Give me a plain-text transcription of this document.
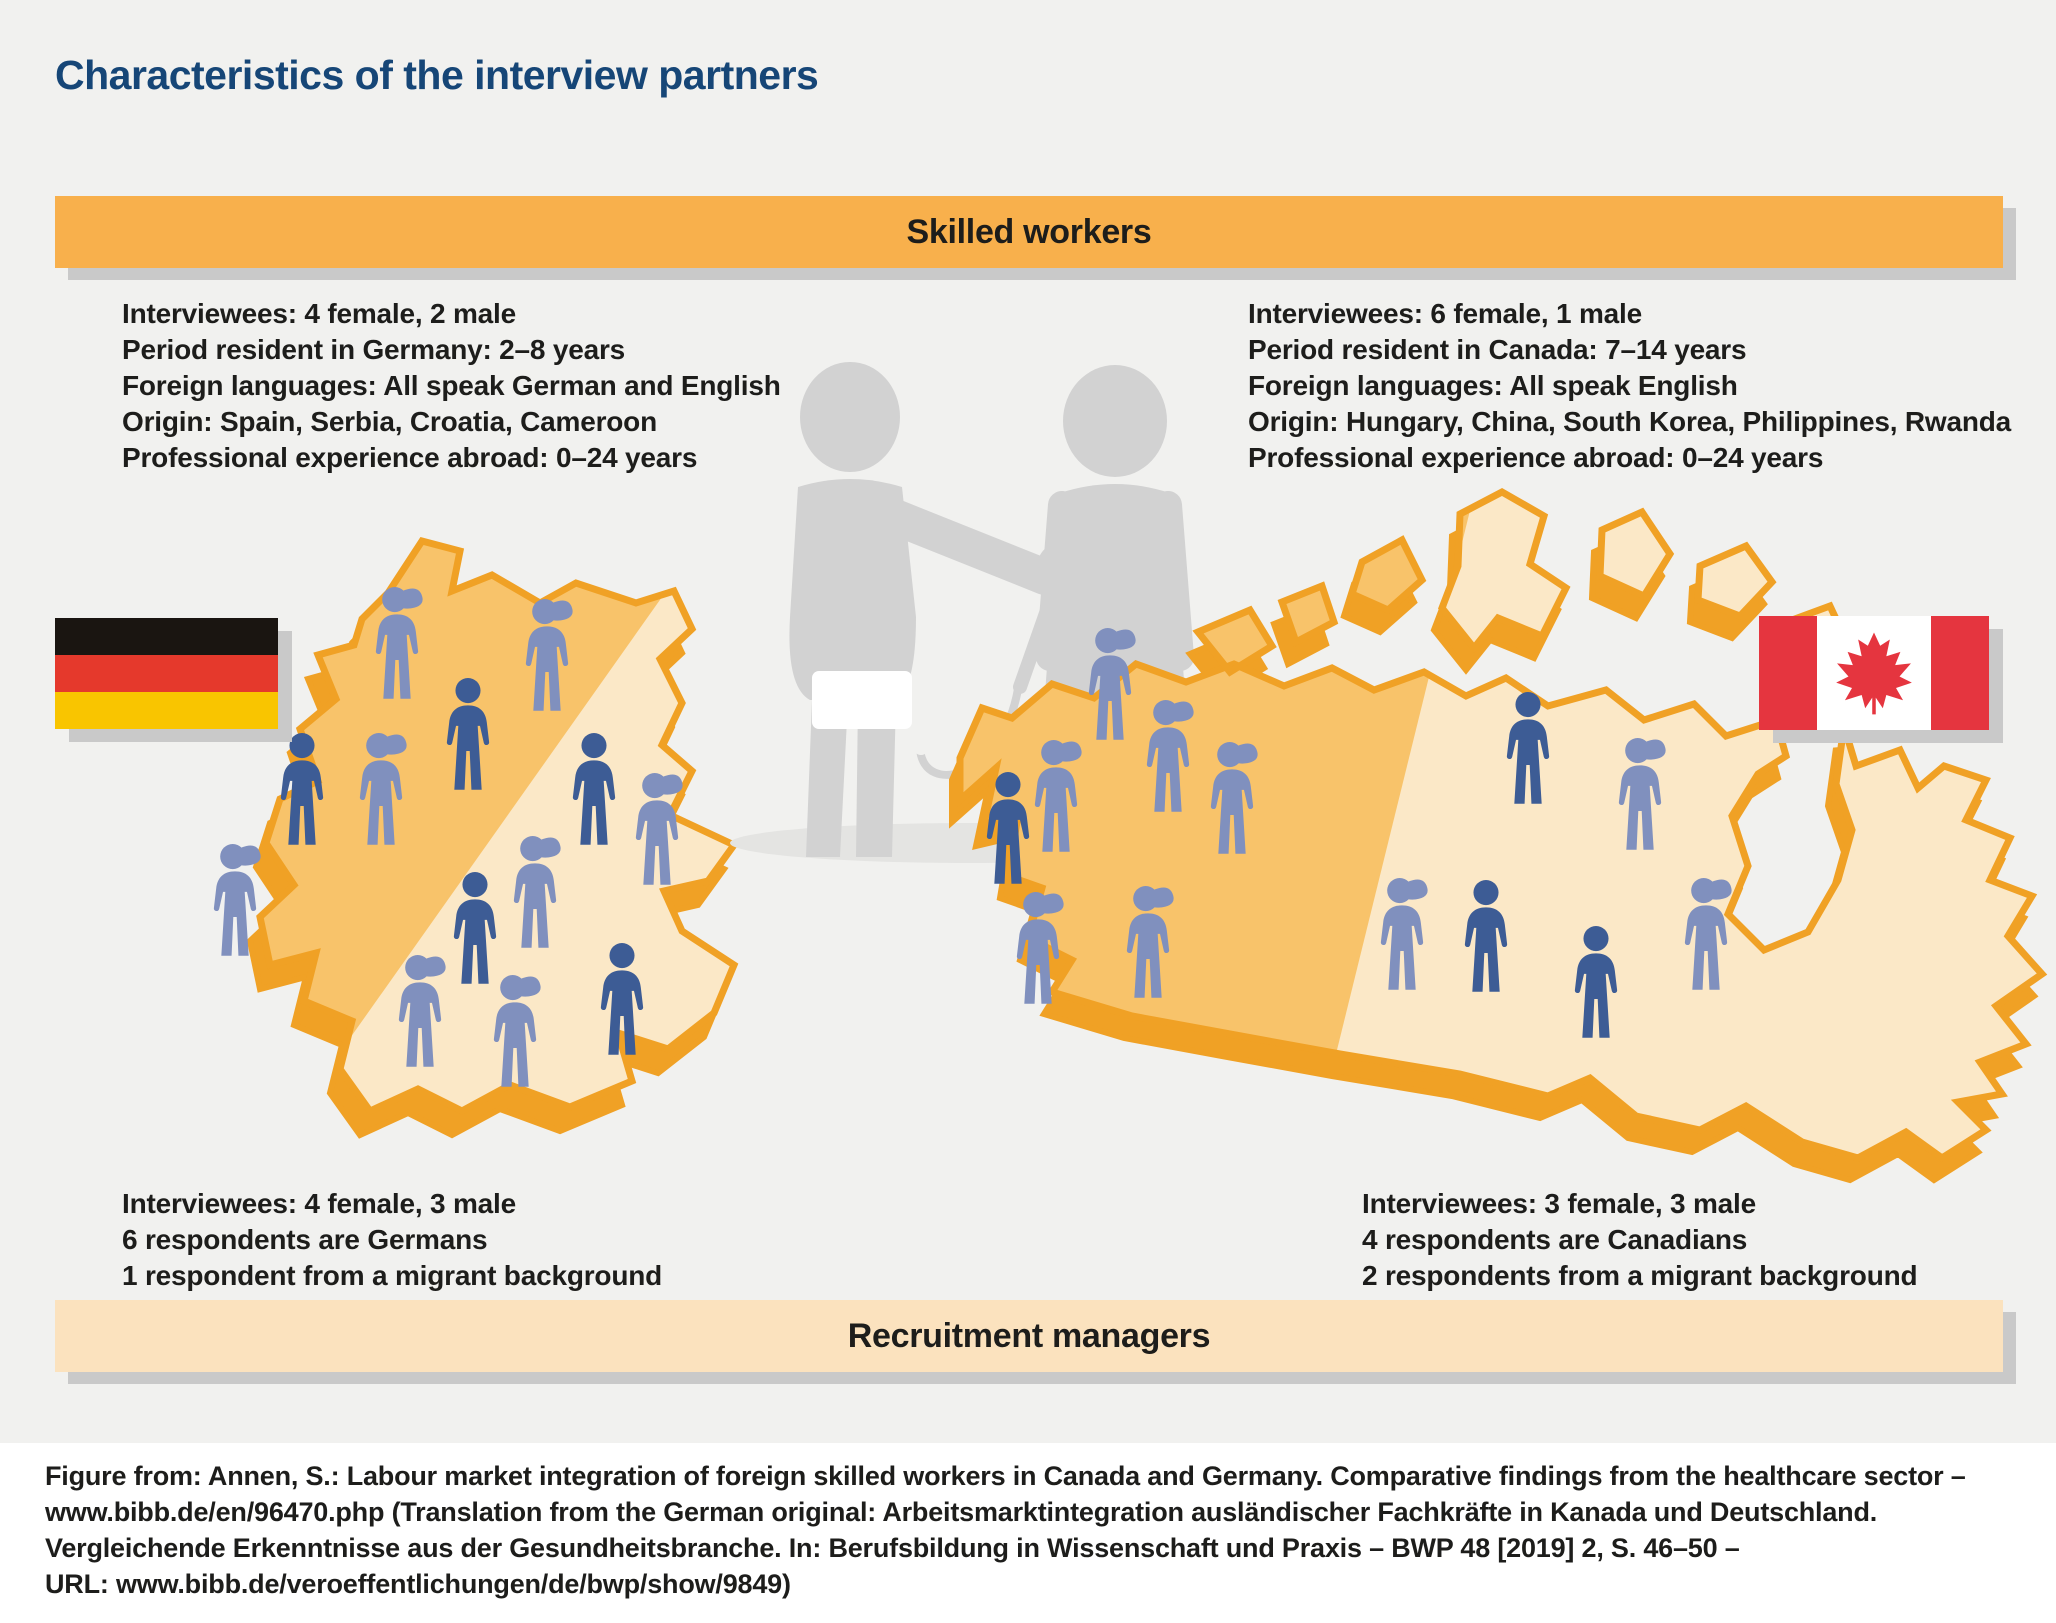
Characteristics of the interview partners
Skilled workers
Interviewees: 4 female, 2 male
Period resident in Germany: 2–8 years
Foreign languages: All speak German and English
Origin: Spain, Serbia, Croatia, Cameroon
Professional experience abroad: 0–24 years
Interviewees: 6 female, 1 male
Period resident in Canada: 7–14 years
Foreign languages: All speak English
Origin: Hungary, China, South Korea, Philippines, Rwanda
Professional experience abroad: 0–24 years
Interviewees: 4 female, 3 male
6 respondents are Germans
1 respondent from a migrant background
Interviewees: 3 female, 3 male
4 respondents are Canadians
2 respondents from a migrant background
Recruitment managers
Figure from: Annen, S.: Labour market integration of foreign skilled workers in Canada and Germany. Comparative findings from the healthcare sector –
www.bibb.de/en/96470.php (Translation from the German original: Arbeitsmarktintegration ausländischer Fachkräfte in Kanada und Deutschland.
Vergleichende Erkenntnisse aus der Gesundheitsbranche. In: Berufsbildung in Wissenschaft und Praxis – BWP 48 [2019] 2, S. 46–50 –
URL: www.bibb.de/veroeffentlichungen/de/bwp/show/9849)
